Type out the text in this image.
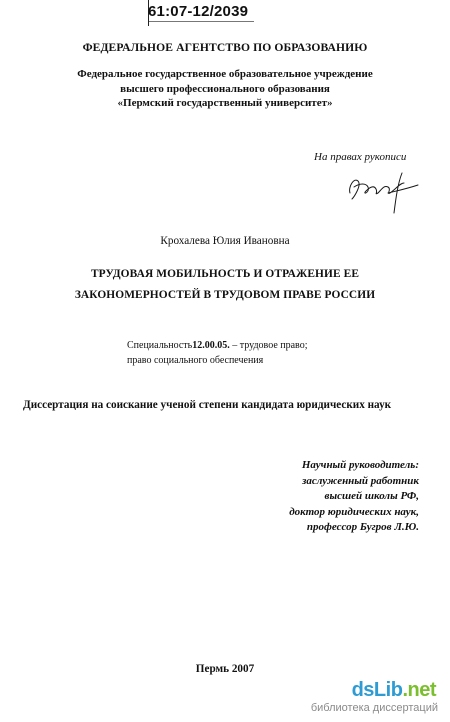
61:07-12/2039
ФЕДЕРАЛЬНОЕ АГЕНТСТВО ПО ОБРАЗОВАНИЮ
Федеральное государственное образовательное учреждение
высшего профессионального образования
«Пермский государственный университет»
На правах рукописи
Крохалева Юлия Ивановна
ТРУДОВАЯ МОБИЛЬНОСТЬ И ОТРАЖЕНИЕ ЕЕ
ЗАКОНОМЕРНОСТЕЙ В ТРУДОВОМ ПРАВЕ РОССИИ
Специальность12.00.05. – трудовое право;
право социального обеспечения
Диссертация на соискание ученой степени кандидата юридических наук
Научный руководитель:
заслуженный работник
высшей школы РФ,
доктор юридических наук,
профессор Бугров Л.Ю.
Пермь 2007
dsLib.net
библиотека диссертаций
